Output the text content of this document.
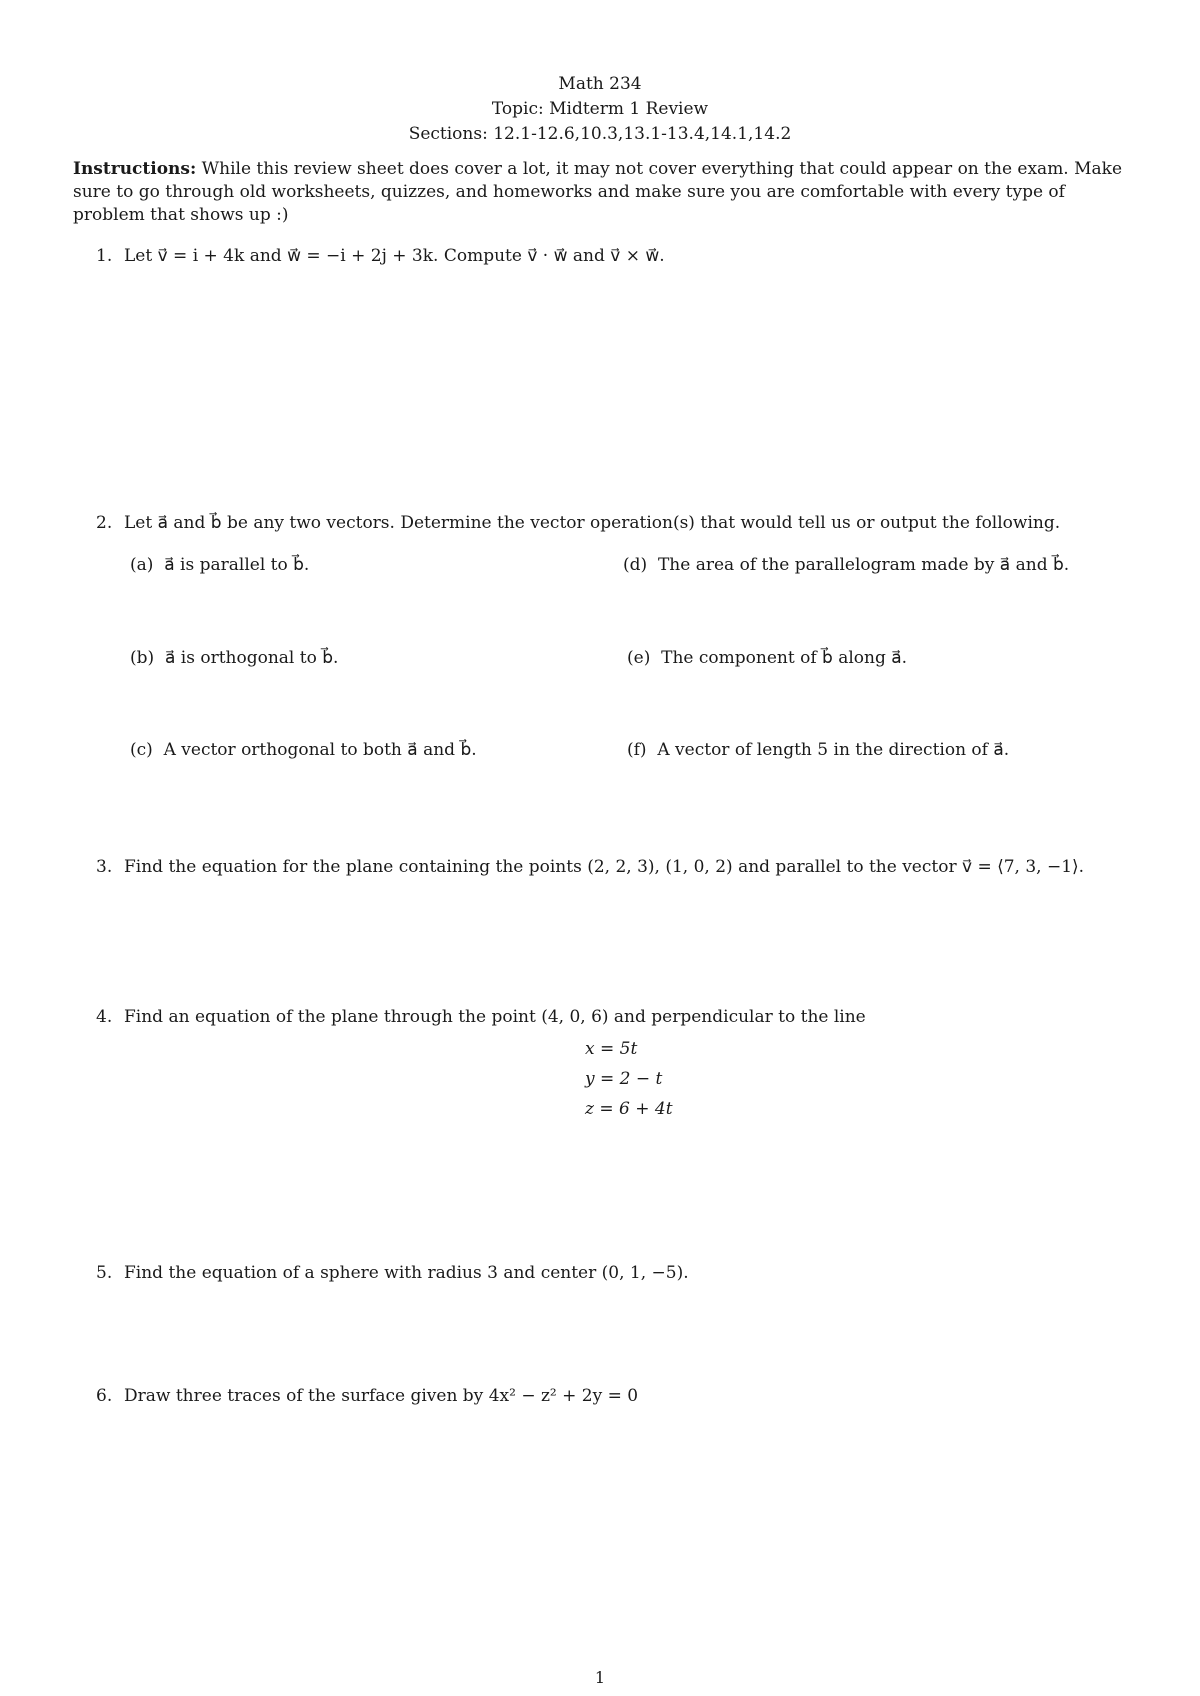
Math 234
Topic: Midterm 1 Review
Sections: 12.1-12.6,10.3,13.1-13.4,14.1,14.2
Instructions: While this review sheet does cover a lot, it may not cover everything that could appear on the exam. Make sure to go through old worksheets, quizzes, and homeworks and make sure you are comfortable with every type of problem that shows up :)
1. Let v⃗ = i + 4k and w⃗ = −i + 2j + 3k. Compute v⃗ · w⃗ and v⃗ × w⃗.
2. Let a⃗ and b⃗ be any two vectors. Determine the vector operation(s) that would tell us or output the following.
(a) a⃗ is parallel to b⃗.
(b) a⃗ is orthogonal to b⃗.
(c) A vector orthogonal to both a⃗ and b⃗.
(d) The area of the parallelogram made by a⃗ and b⃗.
(e) The component of b⃗ along a⃗.
(f) A vector of length 5 in the direction of a⃗.
3. Find the equation for the plane containing the points (2, 2, 3), (1, 0, 2) and parallel to the vector v⃗ = ⟨7, 3, −1⟩.
4. Find an equation of the plane through the point (4, 0, 6) and perpendicular to the line
x = 5t
y = 2 − t
z = 6 + 4t
5. Find the equation of a sphere with radius 3 and center (0, 1, −5).
6. Draw three traces of the surface given by 4x² − z² + 2y = 0
1
